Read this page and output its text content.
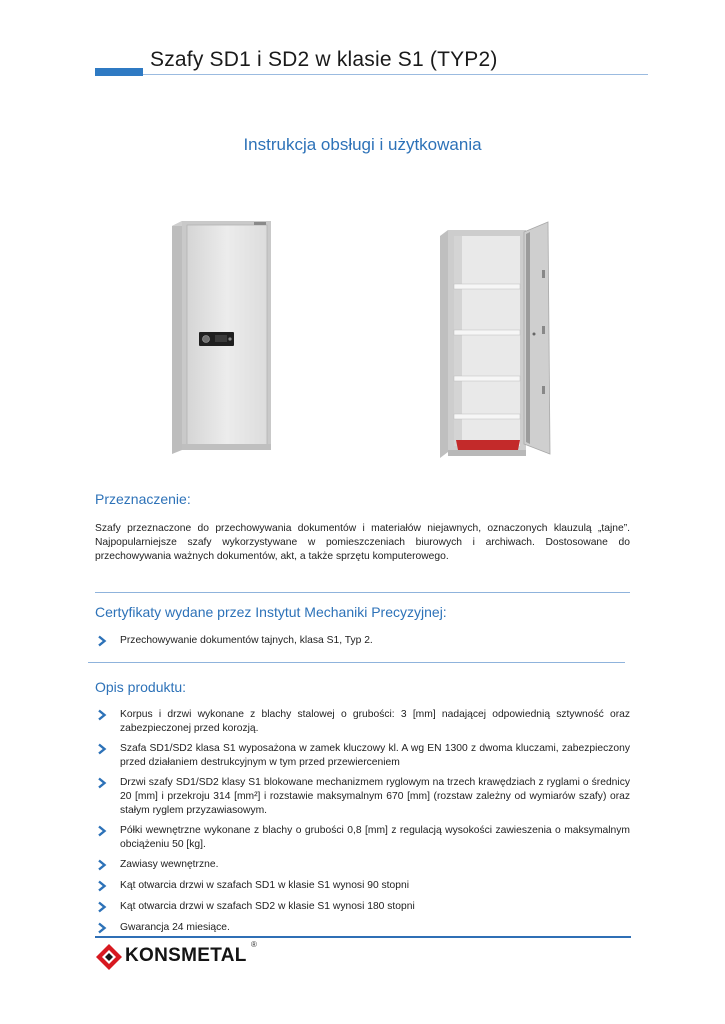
Szafy SD1 i SD2 w klasie S1 (TYP2)
Instrukcja obsługi i użytkowania
Przeznaczenie:
Szafy przeznaczone do przechowywania dokumentów i materiałów niejawnych, oznaczonych klauzulą „tajne”. Najpopularniejsze szafy wykorzystywane w pomieszczeniach biurowych i archiwach. Dostosowane do przechowywania ważnych dokumentów, akt, a także sprzętu komputerowego.
Certyfikaty wydane przez Instytut Mechaniki Precyzyjnej:
Przechowywanie dokumentów tajnych, klasa S1, Typ 2.
Opis produktu:
Korpus i drzwi wykonane z blachy stalowej o grubości: 3 [mm] nadającej odpowiednią sztywność oraz zabezpieczonej przed korozją.
Szafa SD1/SD2 klasa S1 wyposażona w zamek kluczowy kl. A wg EN 1300 z dwoma kluczami, zabezpieczony przed działaniem destrukcyjnym w tym przed przewierceniem
Drzwi szafy SD1/SD2 klasy S1 blokowane mechanizmem ryglowym na trzech krawędziach z ryglami o średnicy 20 [mm] i przekroju 314 [mm²] i rozstawie maksymalnym 670 [mm] (rozstaw zależny od wymiarów szafy) oraz stałym ryglem przyzawiasowym.
Półki wewnętrzne wykonane z blachy o grubości 0,8 [mm] z regulacją wysokości zawieszenia o maksymalnym obciążeniu 50 [kg].
Zawiasy wewnętrzne.
Kąt otwarcia drzwi w szafach SD1 w klasie S1 wynosi 90 stopni
Kąt otwarcia drzwi w szafach SD2 w klasie S1 wynosi 180 stopni
Gwarancja 24 miesiące.
KONSMETAL
®
